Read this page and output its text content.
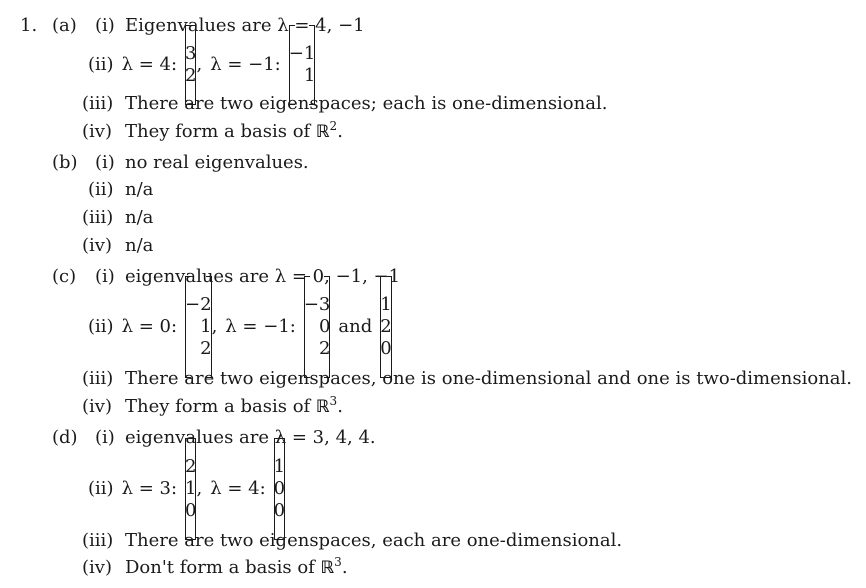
1. (a) (i) Eigenvalues are λ = 4, −1
(ii) λ = 4:
3
2
, λ = −1:
−1
1
(iii) There are two eigenspaces; each is one-dimensional.
(iv) They form a basis of ℝ$^2$.
(b) (i) no real eigenvalues.
(ii) n/a
(iii) n/a
(iv) n/a
(c) (i) eigenvalues are λ = 0, −1, −1
(ii) λ = 0:
−2
1
2
, λ = −1:
−3
0
2
and
1
2
0
(iii) There are two eigenspaces, one is one-dimensional and one is two-dimensional.
(iv) They form a basis of ℝ$^3$.
(d) (i) eigenvalues are λ = 3, 4, 4.
(ii) λ = 3:
2
1
0
, λ = 4:
1
0
0
(iii) There are two eigenspaces, each are one-dimensional.
(iv) Don't form a basis of ℝ$^3$.
